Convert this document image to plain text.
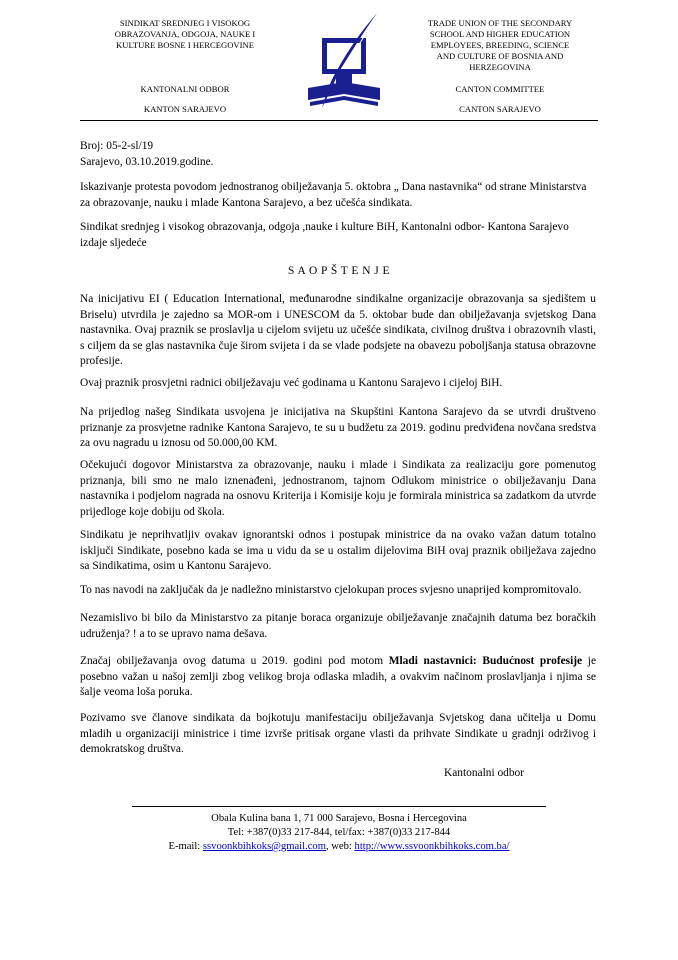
SINDIKAT SREDNJEG I VISOKOG
OBRAZOVANJA, ODGOJA, NAUKE I
KULTURE BOSNE I HERCEGOVINE
KANTONALNI ODBOR
KANTON SARAJEVO
TRADE UNION OF THE SECONDARY
SCHOOL AND HIGHER EDUCATION
EMPLOYEES, BREEDING, SCIENCE
AND CULTURE OF BOSNIA AND
HERZEGOVINA
CANTON COMMITTEE
CANTON SARAJEVO
Broj: 05-2-sl/19
Sarajevo, 03.10.2019.godine.
Iskazivanje protesta povodom jednostranog obilježavanja 5. oktobra „ Dana nastavnika“ od strane Ministarstva
za obrazovanje, nauku i mlade Kantona Sarajevo, a bez učešća sindikata.
Sindikat srednjeg i visokog obrazovanja, odgoja ,nauke i kulture BiH, Kantonalni odbor- Kantona Sarajevo
izdaje sljedeće
S A O P Š T E N J E
Na inicijativu EI ( Education International, međunarodne sindikalne organizacije obrazovanja sa sjedištem u
Briselu) utvrdila je zajedno sa MOR-om i UNESCOM da 5. oktobar bude dan obilježavanja svjetskog Dana
nastavnika. Ovaj praznik se proslavlja u cijelom svijetu uz učešće sindikata, civilnog društva i obrazovnih vlasti,
s ciljem da se glas nastavnika čuje širom svijeta i da se vlade podsjete na obavezu poboljšanja statusa obrazovne
profesije.
Ovaj praznik prosvjetni radnici obilježavaju već godinama u Kantonu Sarajevo i cijeloj BiH.
Na prijedlog našeg Sindikata usvojena je inicijativa na Skupštini Kantona Sarajevo da se utvrdi društveno
priznanje za prosvjetne radnike Kantona Sarajevo, te su u budžetu za 2019. godinu predviđena novčana sredstva
za ovu nagradu u iznosu od 50.000,00 KM.
Očekujući dogovor Ministarstva za obrazovanje, nauku i mlade i Sindikata za realizaciju gore pomenutog
priznanja, bili smo ne malo iznenađeni, jednostranom, tajnom Odlukom ministrice o obilježavanju Dana
nastavnika i podjelom nagrada na osnovu Kriterija i Komisije koju je formirala ministrica sa zadatkom da utvrde
prijedloge koje dobiju od škola.
Sindikatu je neprihvatljiv ovakav ignorantski odnos i postupak ministrice da na ovako važan datum totalno
isključi Sindikate, posebno kada se ima u vidu da se u ostalim dijelovima BiH ovaj praznik obilježava zajedno
sa Sindikatima, osim u Kantonu Sarajevo.
To nas navodi na zaključak da je nadležno ministarstvo cjelokupan proces svjesno unaprijed kompromitovalo.
Nezamislivo bi bilo da Ministarstvo za pitanje boraca organizuje obilježavanje značajnih datuma bez boračkih
udruženja? ! a to se upravo nama dešava.
Značaj obilježavanja ovog datuma u 2019. godini pod motom Mladi nastavnici: Budućnost profesije je
posebno važan u našoj zemlji zbog velikog broja odlaska mladih, a ovakvim načinom proslavljanja i njima se
šalje veoma loša poruka.
Pozivamo sve članove sindikata da bojkotuju manifestaciju obilježavanja Svjetskog dana učitelja u Domu
mladih u organizaciji ministrice i time izvrše pritisak organe vlasti da prihvate Sindikate u gradnji održivog i
demokratskog društva.
Kantonalni odbor
Obala Kulina bana 1, 71 000 Sarajevo, Bosna i Hercegovina
Tel: +387(0)33 217-844, tel/fax: +387(0)33 217-844
E-mail: ssvoonkbihkoks@gmail.com, web: http://www.ssvoonkbihkoks.com.ba/
